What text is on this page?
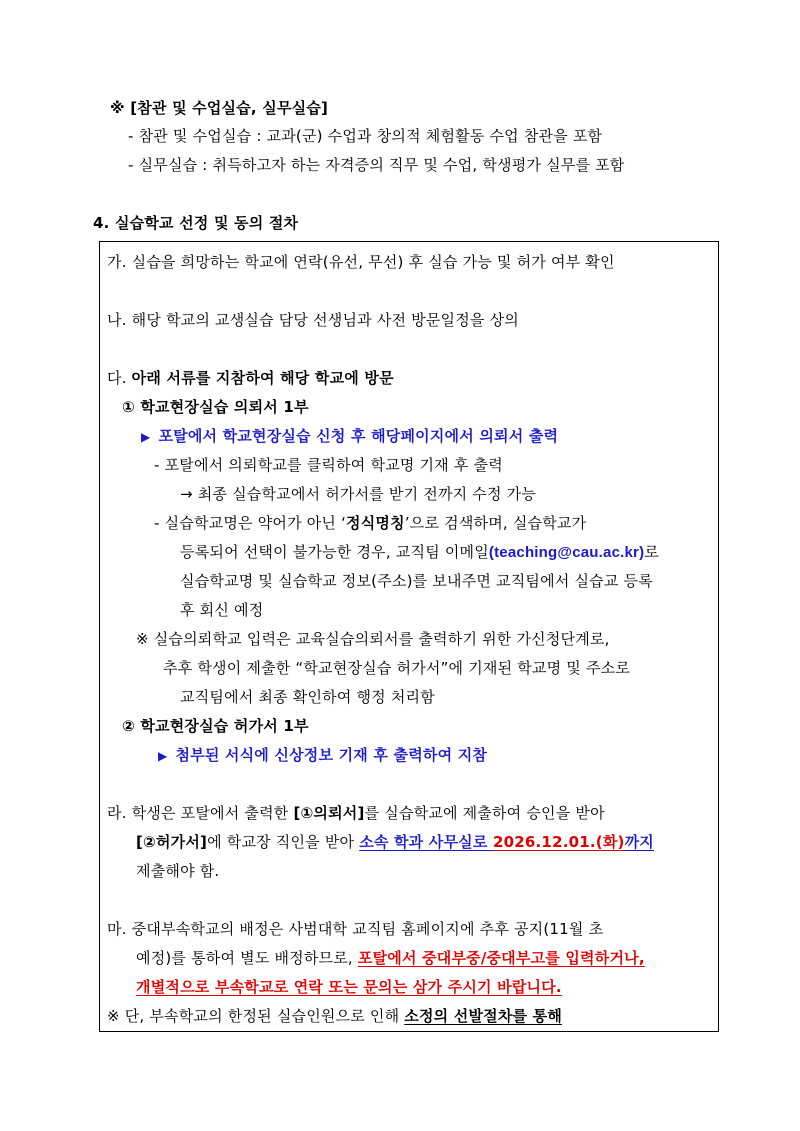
※ [참관 및 수업실습, 실무실습]
- 참관 및 수업실습 : 교과(군) 수업과 창의적 체험활동 수업 참관을 포함
- 실무실습 : 취득하고자 하는 자격증의 직무 및 수업, 학생평가 실무를 포함
4. 실습학교 선정 및 동의 절차
가. 실습을 희망하는 학교에 연락(유선, 무선) 후 실습 가능 및 허가 여부 확인
나. 해당 학교의 교생실습 담당 선생님과 사전 방문일정을 상의
다. 아래 서류를 지참하여 해당 학교에 방문
① 학교현장실습 의뢰서 1부
▶ 포탈에서 학교현장실습 신청 후 해당페이지에서 의뢰서 출력
- 포탈에서 의뢰학교를 클릭하여 학교명 기재 후 출력
→ 최종 실습학교에서 허가서를 받기 전까지 수정 가능
- 실습학교명은 약어가 아닌 ‘정식명칭’으로 검색하며, 실습학교가
등록되어 선택이 불가능한 경우, 교직팀 이메일(teaching@cau.ac.kr)로
실습학교명 및 실습학교 정보(주소)를 보내주면 교직팀에서 실습교 등록
후 회신 예정
※ 실습의뢰학교 입력은 교육실습의뢰서를 출력하기 위한 가신청단계로,
추후 학생이 제출한 “학교현장실습 허가서”에 기재된 학교명 및 주소로
교직팀에서 최종 확인하여 행정 처리함
② 학교현장실습 허가서 1부
▶ 첨부된 서식에 신상정보 기재 후 출력하여 지참
라. 학생은 포탈에서 출력한 [①의뢰서]를 실습학교에 제출하여 승인을 받아
[②허가서]에 학교장 직인을 받아 소속 학과 사무실로 2026.12.01.(화)까지
제출해야 함.
마. 중대부속학교의 배정은 사범대학 교직팀 홈페이지에 추후 공지(11월 초
예정)를 통하여 별도 배정하므로, 포탈에서 중대부중/중대부고를 입력하거나,
개별적으로 부속학교로 연락 또는 문의는 삼가 주시기 바랍니다.
※ 단, 부속학교의 한정된 실습인원으로 인해 소정의 선발절차를 통해
